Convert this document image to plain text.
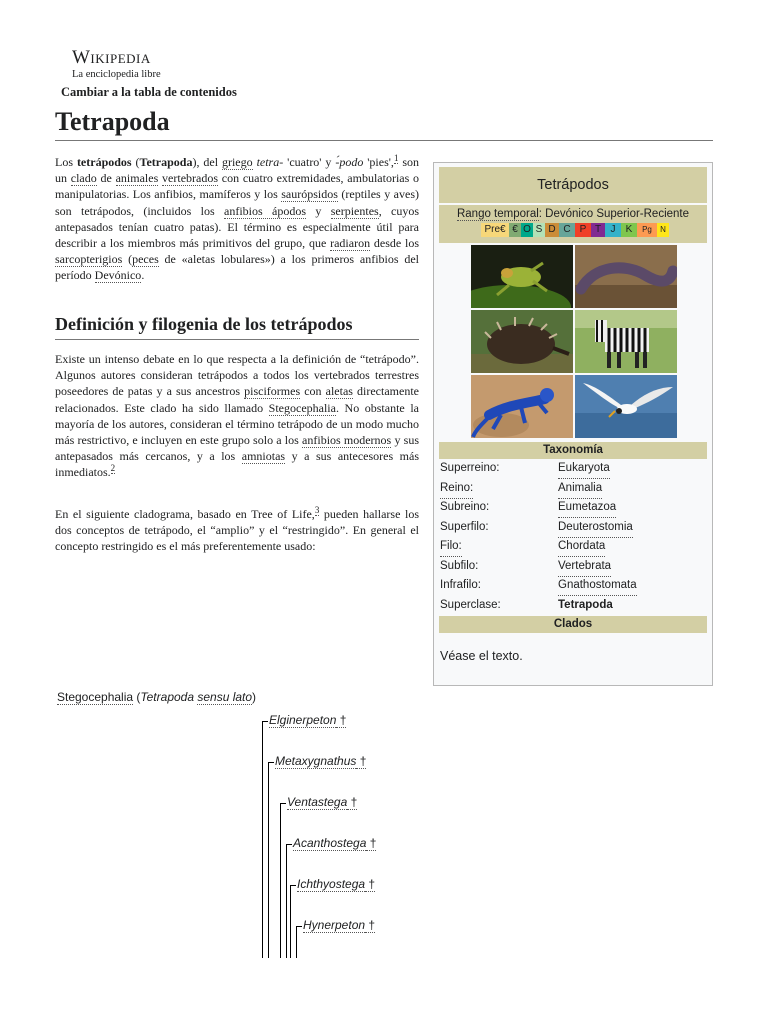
Wikipedia
La enciclopedia libre
Cambiar a la tabla de contenidos
Tetrapoda

Los tetrápodos (Tetrapoda), del griego tetra- 'cuatro' y -́podo 'pies',$^1$ son un clado de animales vertebrados con cuatro extremidades, ambulatorias o manipulatorias. Los anfibios, mamíferos y los saurópsidos (reptiles y aves) son tetrápodos, (incluidos los anfibios ápodos y serpientes, cuyos antepasados tenían cuatro patas). El término es especialmente útil para describir a los miembros más primitivos del grupo, que radiaron desde los sarcopterigios (peces de «aletas lobulares») a los primeros anfibios del período Devónico.

Definición y filogenia de los tetrápodos

Existe un intenso debate en lo que respecta a la definición de “tetrápodo”. Algunos autores consideran tetrápodos a todos los vertebrados terrestres poseedores de patas y a sus ancestros pisciformes con aletas directamente relacionados. Este clado ha sido llamado Stegocephalia. No obstante la mayoría de los autores, consideran el término tetrápodo de un modo mucho más restrictivo, e incluyen en este grupo solo a los anfibios modernos y sus antepasados más cercanos, y a los amniotas y a sus antecesores más inmediatos.$^2$

En el siguiente cladograma, basado en Tree of Life,$^3$ pueden hallarse los dos conceptos de tetrápodo, el “amplio” y el “restringido”. En general el concepto restringido es el más preferentemente usado:

Tetrápodos
Rango temporal: Devónico Superior-Reciente
Pre€ € O S D C P T J	K	Pg	N
Taxonomía
Superreino:	Eukaryota
Reino:	Animalia
Subreino:	Eumetazoa
Superfilo:	Deuterostomia
Filo:	Chordata
Subfilo:	Vertebrata
Infrafilo:	Gnathostomata
Superclase:	Tetrapoda
Clados
Véase el texto.
Stegocephalia (Tetrapoda sensu lato)
Elginerpeton †
Metaxygnathus †
Ventastega †
Acanthostega †
Ichthyostega †
Hynerpeton †
